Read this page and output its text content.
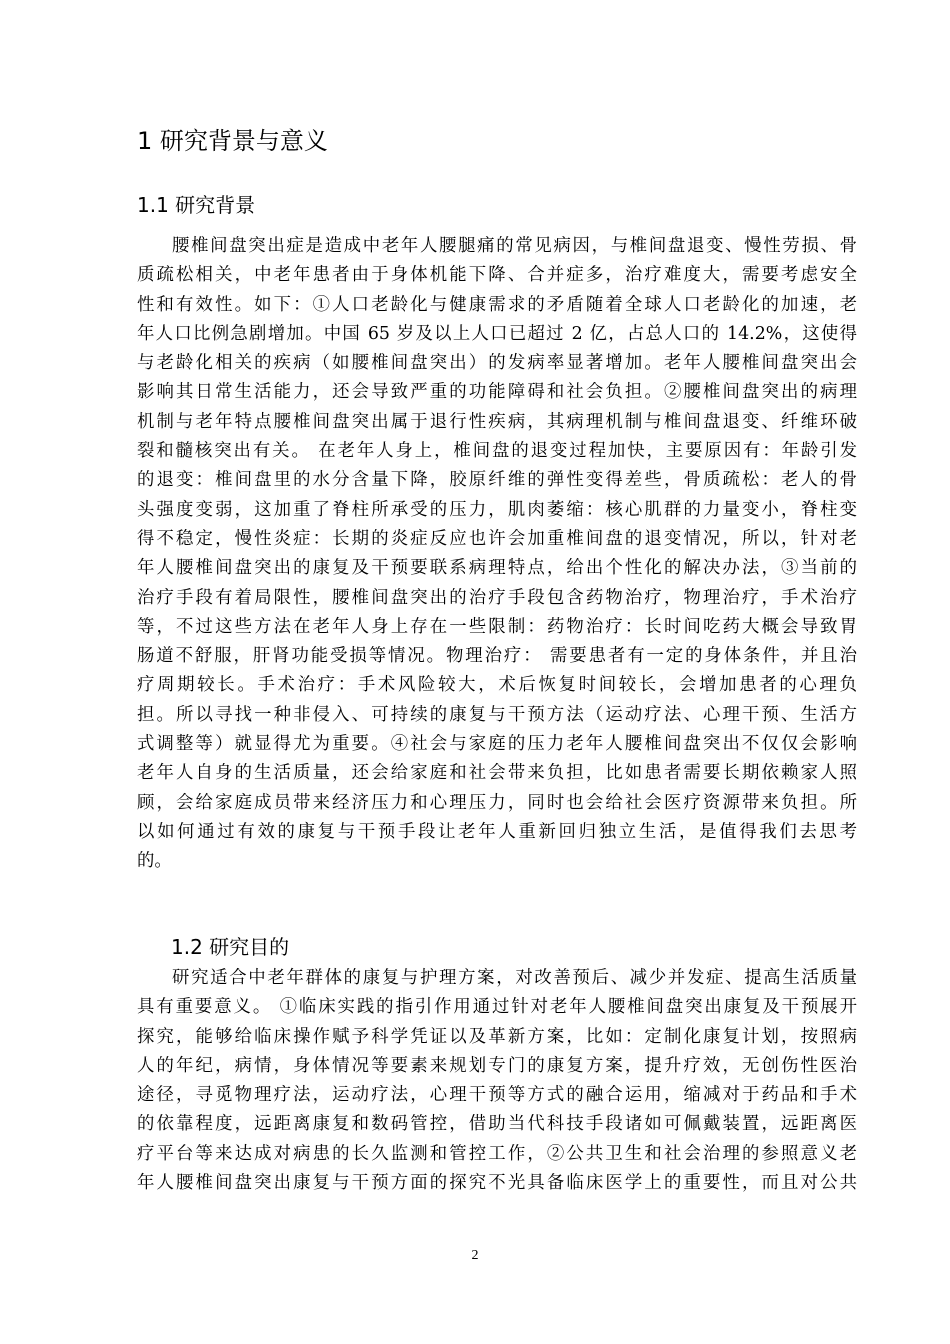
1 研究背景与意义
1.1 研究背景
腰椎间盘突出症是造成中老年人腰腿痛的常见病因，与椎间盘退变、慢性劳损、骨
质疏松相关，中老年患者由于身体机能下降、合并症多，治疗难度大，需要考虑安全
性和有效性。如下：①人口老龄化与健康需求的矛盾随着全球人口老龄化的加速，老
年人口比例急剧增加。中国 65 岁及以上人口已超过 2 亿，占总人口的 14.2%，这使得
与老龄化相关的疾病（如腰椎间盘突出）的发病率显著增加。老年人腰椎间盘突出会
影响其日常生活能力，还会导致严重的功能障碍和社会负担。②腰椎间盘突出的病理
机制与老年特点腰椎间盘突出属于退行性疾病，其病理机制与椎间盘退变、纤维环破
裂和髓核突出有关。 在老年人身上，椎间盘的退变过程加快，主要原因有：年龄引发
的退变：椎间盘里的水分含量下降，胶原纤维的弹性变得差些，骨质疏松：老人的骨
头强度变弱，这加重了脊柱所承受的压力，肌肉萎缩：核心肌群的力量变小，脊柱变
得不稳定，慢性炎症：长期的炎症反应也许会加重椎间盘的退变情况，所以，针对老
年人腰椎间盘突出的康复及干预要联系病理特点，给出个性化的解决办法，③当前的
治疗手段有着局限性，腰椎间盘突出的治疗手段包含药物治疗，物理治疗，手术治疗
等，不过这些方法在老年人身上存在一些限制：药物治疗：长时间吃药大概会导致胃
肠道不舒服，肝肾功能受损等情况。物理治疗： 需要患者有一定的身体条件，并且治
疗周期较长。手术治疗：手术风险较大，术后恢复时间较长，会增加患者的心理负
担。所以寻找一种非侵入、可持续的康复与干预方法（运动疗法、心理干预、生活方
式调整等）就显得尤为重要。④社会与家庭的压力老年人腰椎间盘突出不仅仅会影响
老年人自身的生活质量，还会给家庭和社会带来负担，比如患者需要长期依赖家人照
顾，会给家庭成员带来经济压力和心理压力，同时也会给社会医疗资源带来负担。所
以如何通过有效的康复与干预手段让老年人重新回归独立生活，是值得我们去思考
的。
1.2 研究目的
研究适合中老年群体的康复与护理方案，对改善预后、减少并发症、提高生活质量
具有重要意义。 ①临床实践的指引作用通过针对老年人腰椎间盘突出康复及干预展开
探究，能够给临床操作赋予科学凭证以及革新方案，比如：定制化康复计划，按照病
人的年纪，病情，身体情况等要素来规划专门的康复方案，提升疗效，无创伤性医治
途径，寻觅物理疗法，运动疗法，心理干预等方式的融合运用，缩减对于药品和手术
的依靠程度，远距离康复和数码管控，借助当代科技手段诸如可佩戴装置，远距离医
疗平台等来达成对病患的长久监测和管控工作，②公共卫生和社会治理的参照意义老
年人腰椎间盘突出康复与干预方面的探究不光具备临床医学上的重要性，而且对公共
2
